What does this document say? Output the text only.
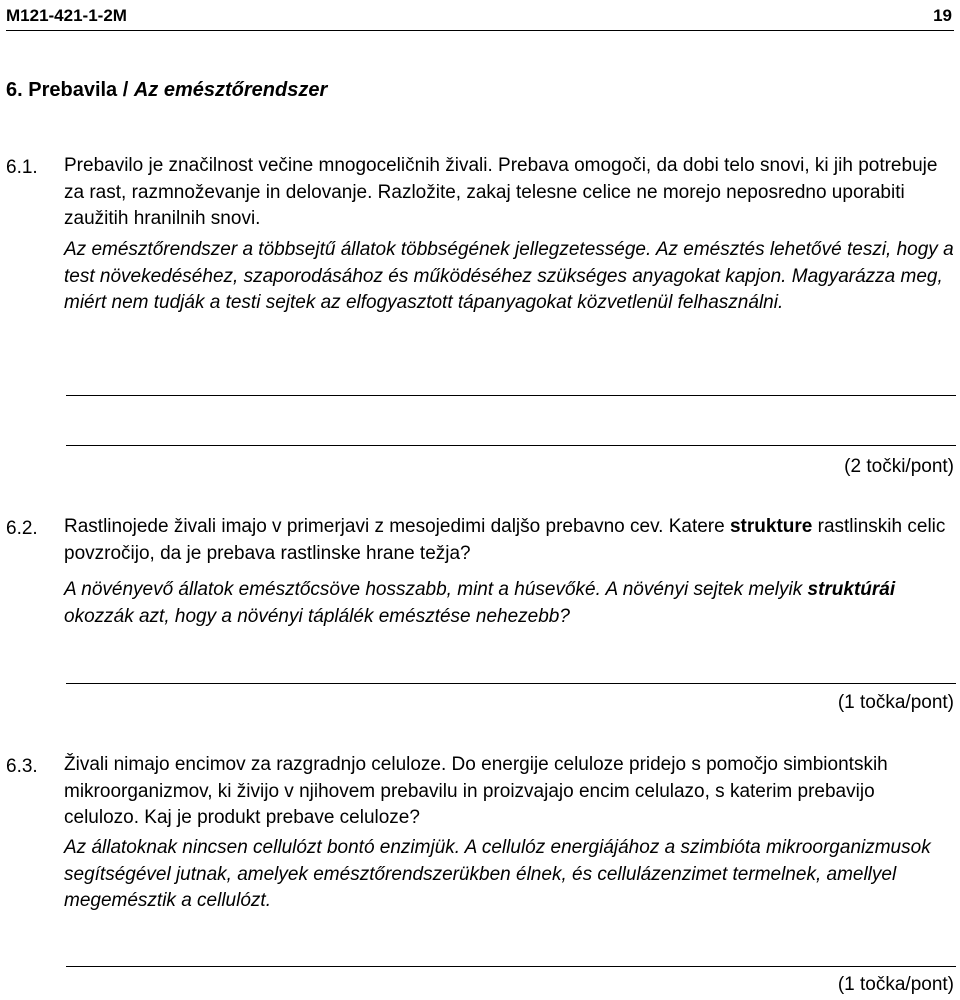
M121-421-1-2M	19
6. Prebavila / Az emésztőrendszer
6.1. Prebavilo je značilnost večine mnogoceličnih živali. Prebava omogoči, da dobi telo snovi, ki jih potrebuje za rast, razmnoževanje in delovanje. Razložite, zakaj telesne celice ne morejo neposredno uporabiti zaužitih hranilnih snovi.
Az emésztőrendszer a többsejtű állatok többségének jellegzetessége. Az emésztés lehetővé teszi, hogy a test növekedéséhez, szaporodásához és működéséhez szükséges anyagokat kapjon. Magyarázza meg, miért nem tudják a testi sejtek az elfogyasztott tápanyagokat közvetlenül felhasználni.
(2 točki/pont)
6.2. Rastlinojede živali imajo v primerjavi z mesojedimi daljšo prebavno cev. Katere strukture rastlinskih celic povzročijo, da je prebava rastlinske hrane težja?
A növényevő állatok emésztőcsöve hosszabb, mint a húsevőké. A növényi sejtek melyik struktúrái okozzák azt, hogy a növényi táplálék emésztése nehezebb?
(1 točka/pont)
6.3. Živali nimajo encimov za razgradnjo celuloze. Do energije celuloze pridejo s pomočjo simbiontskih mikroorganizmov, ki živijo v njihovem prebavilu in proizvajajo encim celulazo, s katerim prebavijo celulozo. Kaj je produkt prebave celuloze?
Az állatoknak nincsen cellulózt bontó enzimjük. A cellulóz energiájához a szimbióta mikroorganizmusok segítségével jutnak, amelyek emésztőrendszerükben élnek, és cellulázenzimet termelnek, amellyel megemésztik a cellulózt.
(1 točka/pont)
